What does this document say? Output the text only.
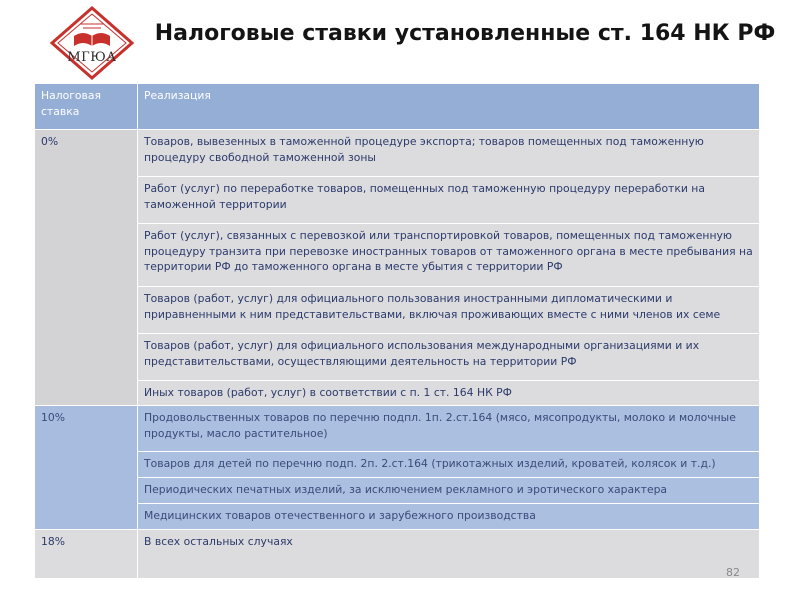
МГЮА
Налоговые ставки установленные ст. 164 НК РФ
Налоговая ставка	Реализация
0%	Товаров, вывезенных в таможенной процедуре экспорта; товаров помещенных под таможенную процедуру свободной таможенной зоны
	Работ (услуг) по переработке товаров, помещенных под таможенную процедуру переработки на таможенной территории
	Работ (услуг), связанных с перевозкой или транспортировкой товаров, помещенных под таможенную процедуру транзита при перевозке иностранных товаров от таможенного органа в месте пребывания на территории РФ до таможенного органа в месте убытия с территории РФ
	Товаров (работ, услуг) для официального пользования иностранными дипломатическими и приравненными к ним представительствами, включая проживающих вместе с ними членов их семе
	Товаров (работ, услуг) для официального использования международными организациями и их представительствами, осуществляющими деятельность на территории РФ
	Иных товаров (работ, услуг) в соответствии с п. 1 ст. 164 НК РФ
10%	Продовольственных товаров по перечню подпл. 1п. 2.ст.164 (мясо, мясопродукты, молоко и молочные продукты, масло растительное)
	Товаров для детей по перечню подп. 2п. 2.ст.164 (трикотажных изделий, кроватей, колясок и т.д.)
	Периодических печатных изделий, за исключением рекламного и эротического характера
	Медицинских товаров отечественного и зарубежного производства
18%	В всех остальных случаях
82
